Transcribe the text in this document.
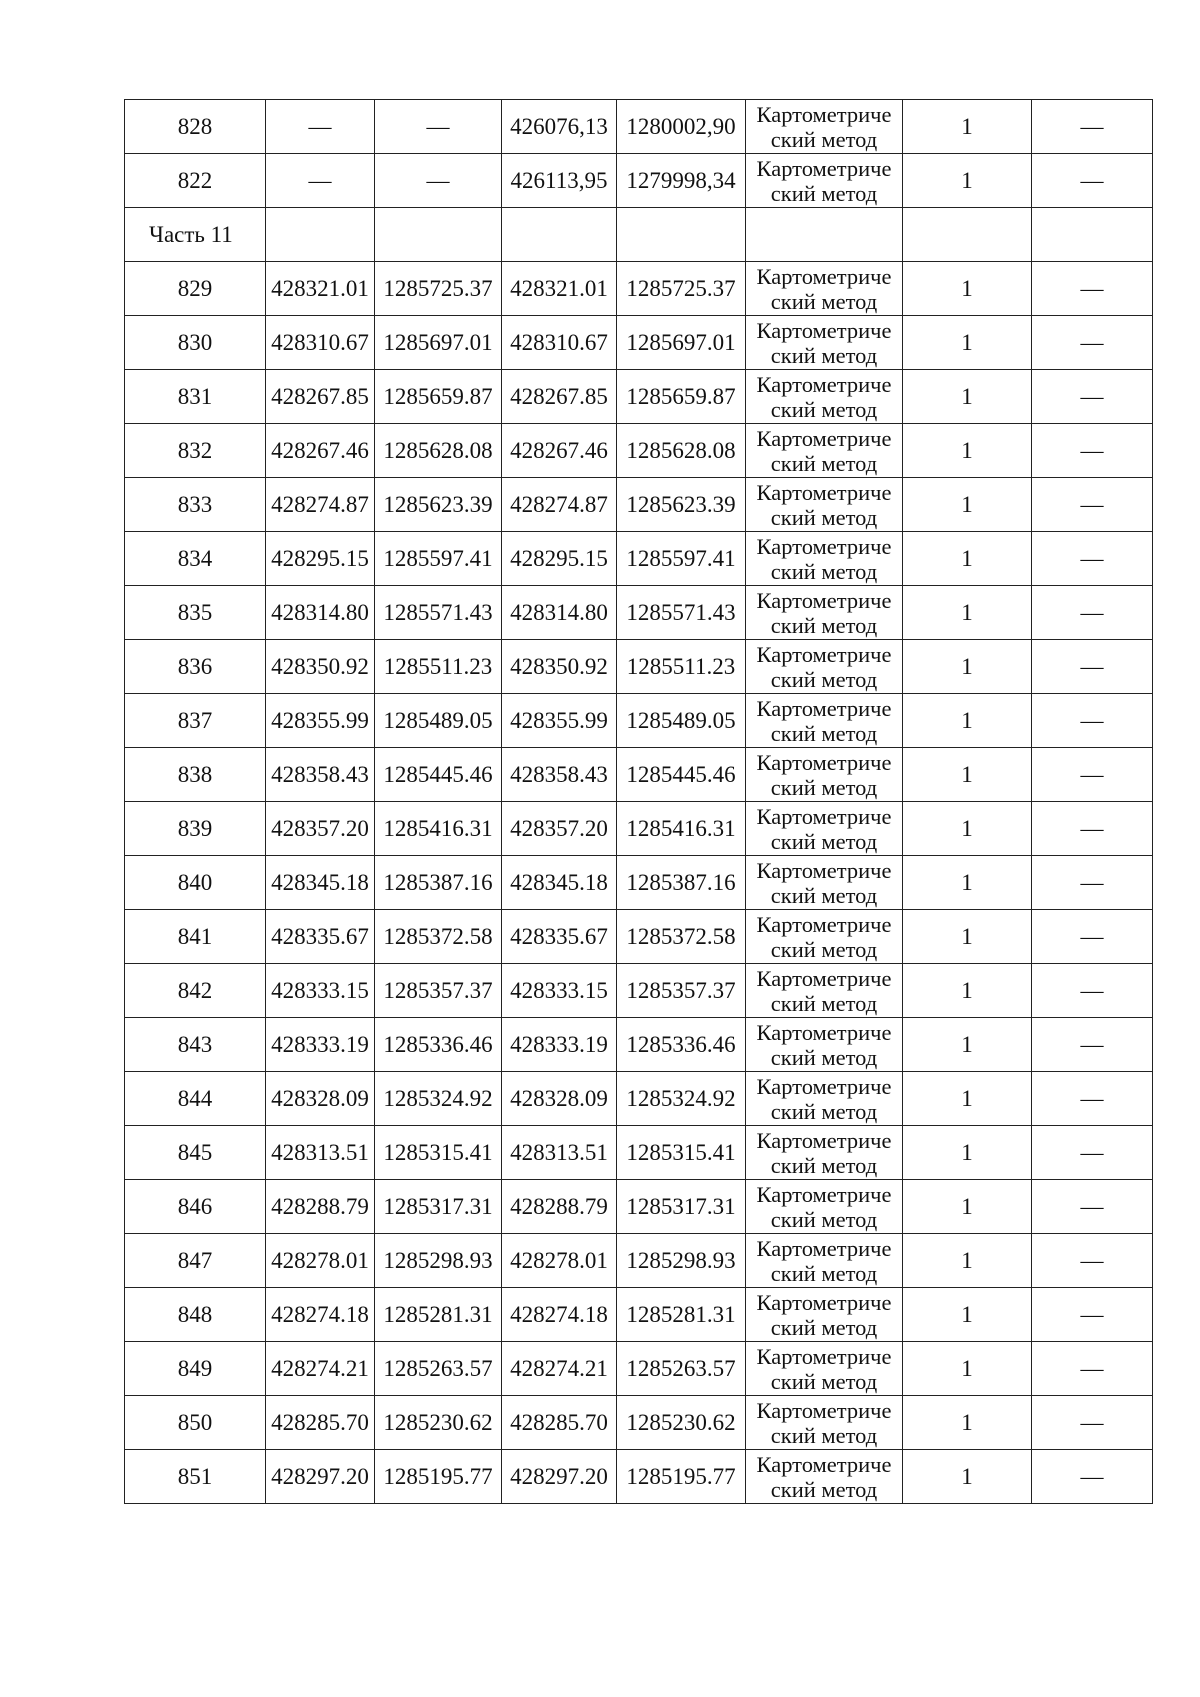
828	—	—	426076,13	1280002,90	Картометриче
ский метод	1	—
822	—	—	426113,95	1279998,34	Картометриче
ский метод	1	—
Часть 11							
829	428321.01	1285725.37	428321.01	1285725.37	Картометриче
ский метод	1	—
830	428310.67	1285697.01	428310.67	1285697.01	Картометриче
ский метод	1	—
831	428267.85	1285659.87	428267.85	1285659.87	Картометриче
ский метод	1	—
832	428267.46	1285628.08	428267.46	1285628.08	Картометриче
ский метод	1	—
833	428274.87	1285623.39	428274.87	1285623.39	Картометриче
ский метод	1	—
834	428295.15	1285597.41	428295.15	1285597.41	Картометриче
ский метод	1	—
835	428314.80	1285571.43	428314.80	1285571.43	Картометриче
ский метод	1	—
836	428350.92	1285511.23	428350.92	1285511.23	Картометриче
ский метод	1	—
837	428355.99	1285489.05	428355.99	1285489.05	Картометриче
ский метод	1	—
838	428358.43	1285445.46	428358.43	1285445.46	Картометриче
ский метод	1	—
839	428357.20	1285416.31	428357.20	1285416.31	Картометриче
ский метод	1	—
840	428345.18	1285387.16	428345.18	1285387.16	Картометриче
ский метод	1	—
841	428335.67	1285372.58	428335.67	1285372.58	Картометриче
ский метод	1	—
842	428333.15	1285357.37	428333.15	1285357.37	Картометриче
ский метод	1	—
843	428333.19	1285336.46	428333.19	1285336.46	Картометриче
ский метод	1	—
844	428328.09	1285324.92	428328.09	1285324.92	Картометриче
ский метод	1	—
845	428313.51	1285315.41	428313.51	1285315.41	Картометриче
ский метод	1	—
846	428288.79	1285317.31	428288.79	1285317.31	Картометриче
ский метод	1	—
847	428278.01	1285298.93	428278.01	1285298.93	Картометриче
ский метод	1	—
848	428274.18	1285281.31	428274.18	1285281.31	Картометриче
ский метод	1	—
849	428274.21	1285263.57	428274.21	1285263.57	Картометриче
ский метод	1	—
850	428285.70	1285230.62	428285.70	1285230.62	Картометриче
ский метод	1	—
851	428297.20	1285195.77	428297.20	1285195.77	Картометриче
ский метод	1	—
